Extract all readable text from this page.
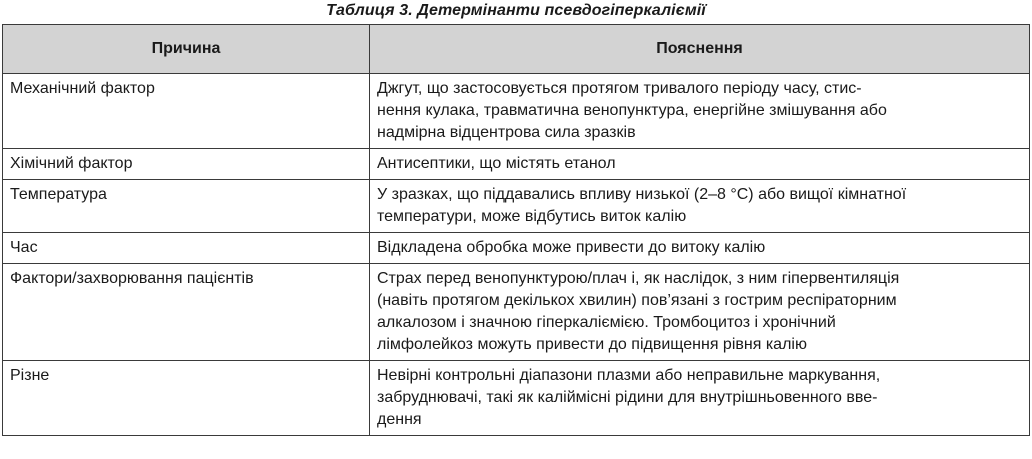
Таблиця 3. Детермінанти псевдогіперкаліємії
Причина	Пояснення
Механічний фактор	Джгут, що застосовується протягом тривалого періоду часу, стис-
нення кулака, травматична венопунктура, енергійне змішування або
надмірна відцентрова сила зразків

Хімічний фактор	Антисептики, що містять етанол

Температура	У зразках, що піддавались впливу низької (2–8 °C) або вищої кімнатної
температури, може відбутись виток калію

Час	Відкладена обробка може привести до витоку калію

Фактори/захворювання пацієнтів	Страх перед венопунктурою/плач і, як наслідок, з ним гіпервентиляція
(навіть протягом декількох хвилин) пов’язані з гострим респіраторним
алкалозом і значною гіперкаліємією. Тромбоцитоз і хронічний
лімфолейкоз можуть привести до підвищення рівня калію

Різне	Невірні контрольні діапазони плазми або неправильне маркування,
забруднювачі, такі як каліймісні рідини для внутрішньовенного вве-
дення
